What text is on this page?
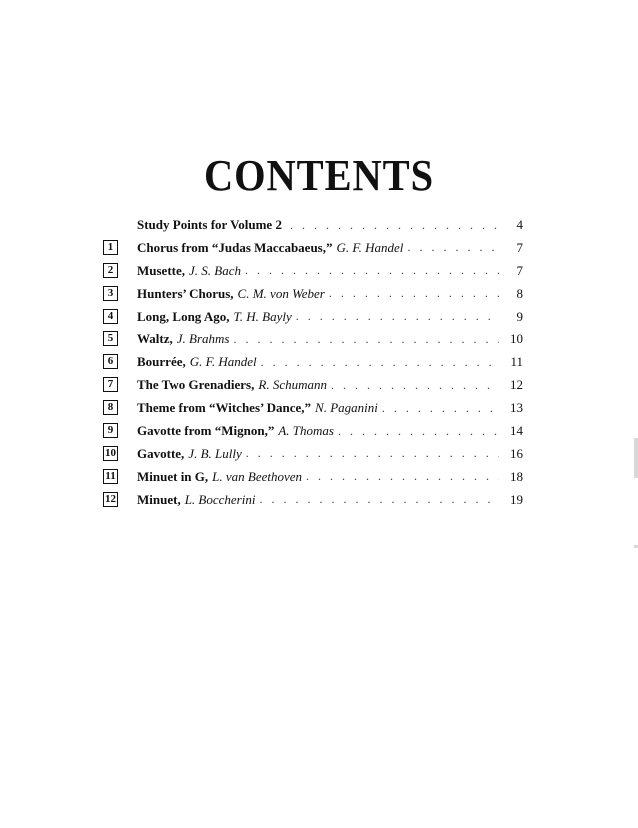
CONTENTS
Study Points for Volume 2 . . .	4
1	Chorus from “Judas Maccabaeus,” G. F. Handel . . .	7
2	Musette, J. S. Bach . . .	7
3	Hunters’ Chorus, C. M. von Weber . . .	8
4	Long, Long Ago, T. H. Bayly . . .	9
5	Waltz, J. Brahms . . .	10
6	Bourrée, G. F. Handel . . .	11
7	The Two Grenadiers, R. Schumann . . .	12
8	Theme from “Witches’ Dance,” N. Paganini . . .	13
9	Gavotte from “Mignon,” A. Thomas . . .	14
10 Gavotte, J. B. Lully . . .	16
11 Minuet in G, L. van Beethoven . . .	18
12 Minuet, L. Boccherini . . .	19
